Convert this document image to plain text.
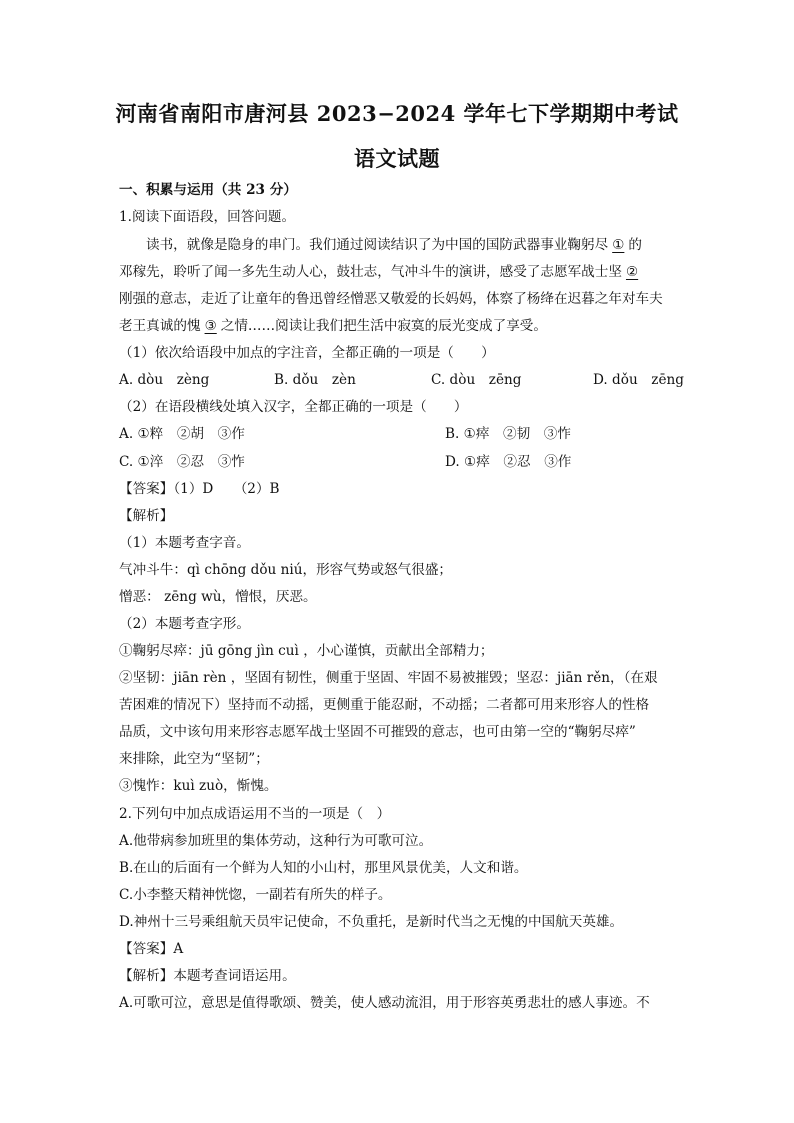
河南省南阳市唐河县 2023−2024 学年七下学期期中考试
语文试题
一、积累与运用（共 23 分）
1.阅读下面语段，回答问题。
读书，就像是隐身的串门。我们通过阅读结识了为中国的国防武器事业鞠躬尽 ① 的
邓稼先，聆听了闻一多先生动人心，鼓壮志，气冲斗牛的演讲，感受了志愿军战士坚 ②
刚强的意志，走近了让童年的鲁迅曾经憎恶又敬爱的长妈妈，体察了杨绛在迟暮之年对车夫
老王真诚的愧 ③ 之情……阅读让我们把生活中寂寞的辰光变成了享受。
（1）依次给语段中加点的字注音，全都正确的一项是（　　）
A. dòu　zèng	B. dǒu　zèn	C. dòu　zēng	D. dǒu　zēng
（2）在语段横线处填入汉字，全都正确的一项是（　　）
A. ①粹　②胡　③作	B. ①瘁　②韧　③怍
C. ①淬　②忍　③怍	D. ①瘁　②忍　③作
【答案】（1）D　　（2）B
【解析】
（1）本题考查字音。
气冲斗牛：qì chōng dǒu niú，形容气势或怒气很盛；
憎恶： zēng wù，憎恨，厌恶。
（2）本题考查字形。
①鞠躬尽瘁：jū gōng jìn cuì ，小心谨慎，贡献出全部精力；
②坚韧：jiān rèn ，坚固有韧性，侧重于坚固、牢固不易被摧毁；坚忍：jiān rěn，（在艰
苦困难的情况下）坚持而不动摇，更侧重于能忍耐，不动摇；二者都可用来形容人的性格
品质，文中该句用来形容志愿军战士坚固不可摧毁的意志，也可由第一空的“鞠躬尽瘁”
来排除，此空为“坚韧”；
③愧怍：kuì zuò，惭愧。
2.下列句中加点成语运用不当的一项是（　）
A.他带病参加班里的集体劳动，这种行为可歌可泣。
B.在山的后面有一个鲜为人知的小山村，那里风景优美，人文和谐。
C.小李整天精神恍惚，一副若有所失的样子。
D.神州十三号乘组航天员牢记使命，不负重托，是新时代当之无愧的中国航天英雄。
【答案】A
【解析】本题考查词语运用。
A.可歌可泣，意思是值得歌颂、赞美，使人感动流泪，用于形容英勇悲壮的感人事迹。不
